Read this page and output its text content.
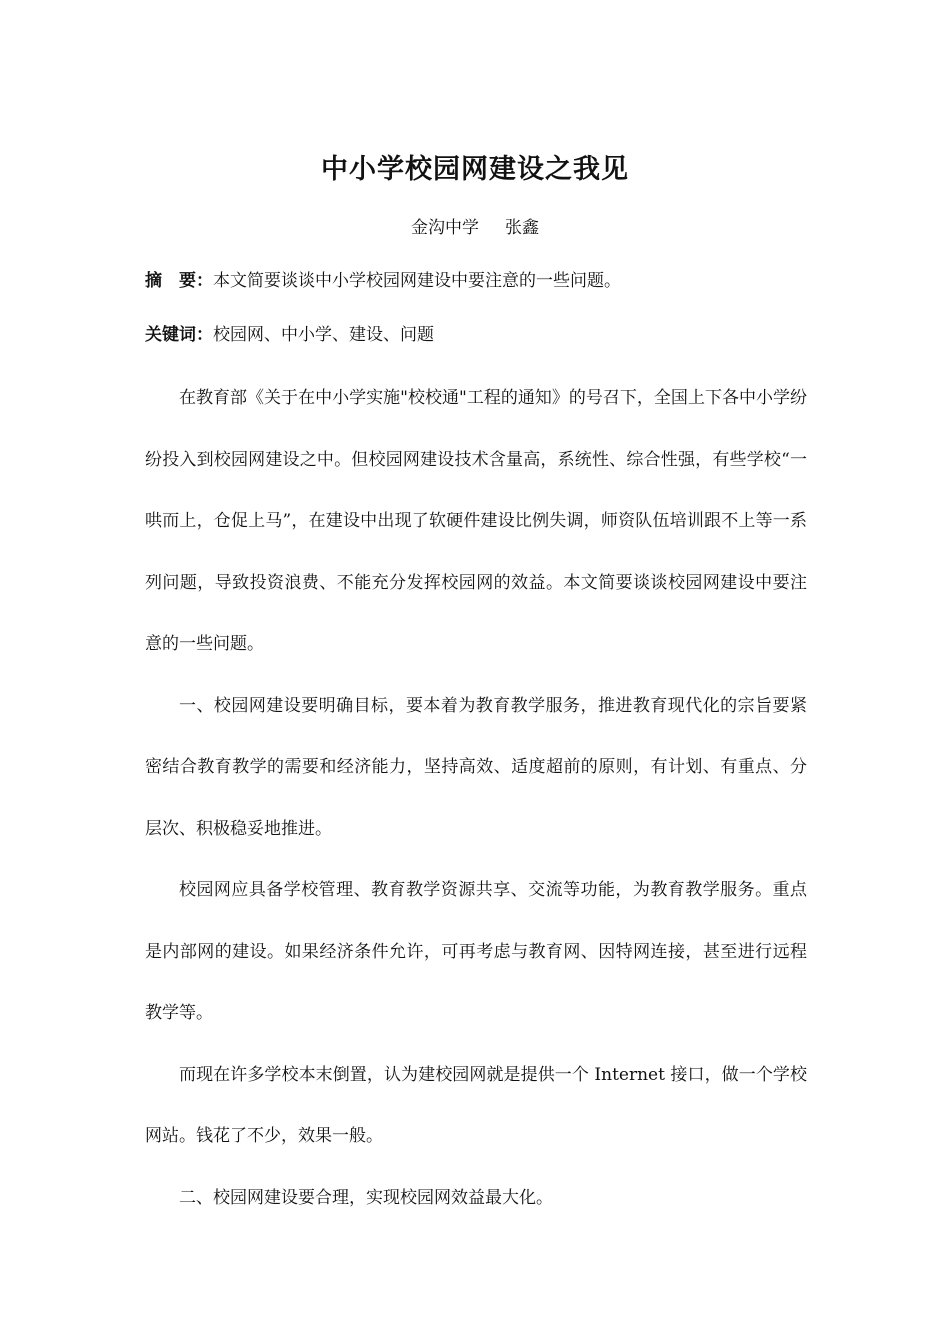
中小学校园网建设之我见
金沟中学 张鑫
摘　要：本文简要谈谈中小学校园网建设中要注意的一些问题。
关键词：校园网、中小学、建设、问题

在教育部《关于在中小学实施"校校通"工程的通知》的号召下，全国上下各中小学纷纷投入到校园网建设之中。但校园网建设技术含量高，系统性、综合性强，有些学校“一哄而上，仓促上马”，在建设中出现了软硬件建设比例失调，师资队伍培训跟不上等一系列问题，导致投资浪费、不能充分发挥校园网的效益。本文简要谈谈校园网建设中要注意的一些问题。

一、校园网建设要明确目标，要本着为教育教学服务，推进教育现代化的宗旨要紧密结合教育教学的需要和经济能力，坚持高效、适度超前的原则，有计划、有重点、分层次、积极稳妥地推进。

校园网应具备学校管理、教育教学资源共享、交流等功能，为教育教学服务。重点是内部网的建设。如果经济条件允许，可再考虑与教育网、因特网连接，甚至进行远程教学等。

而现在许多学校本末倒置，认为建校园网就是提供一个 Internet 接口，做一个学校网站。钱花了不少，效果一般。

二、校园网建设要合理，实现校园网效益最大化。
